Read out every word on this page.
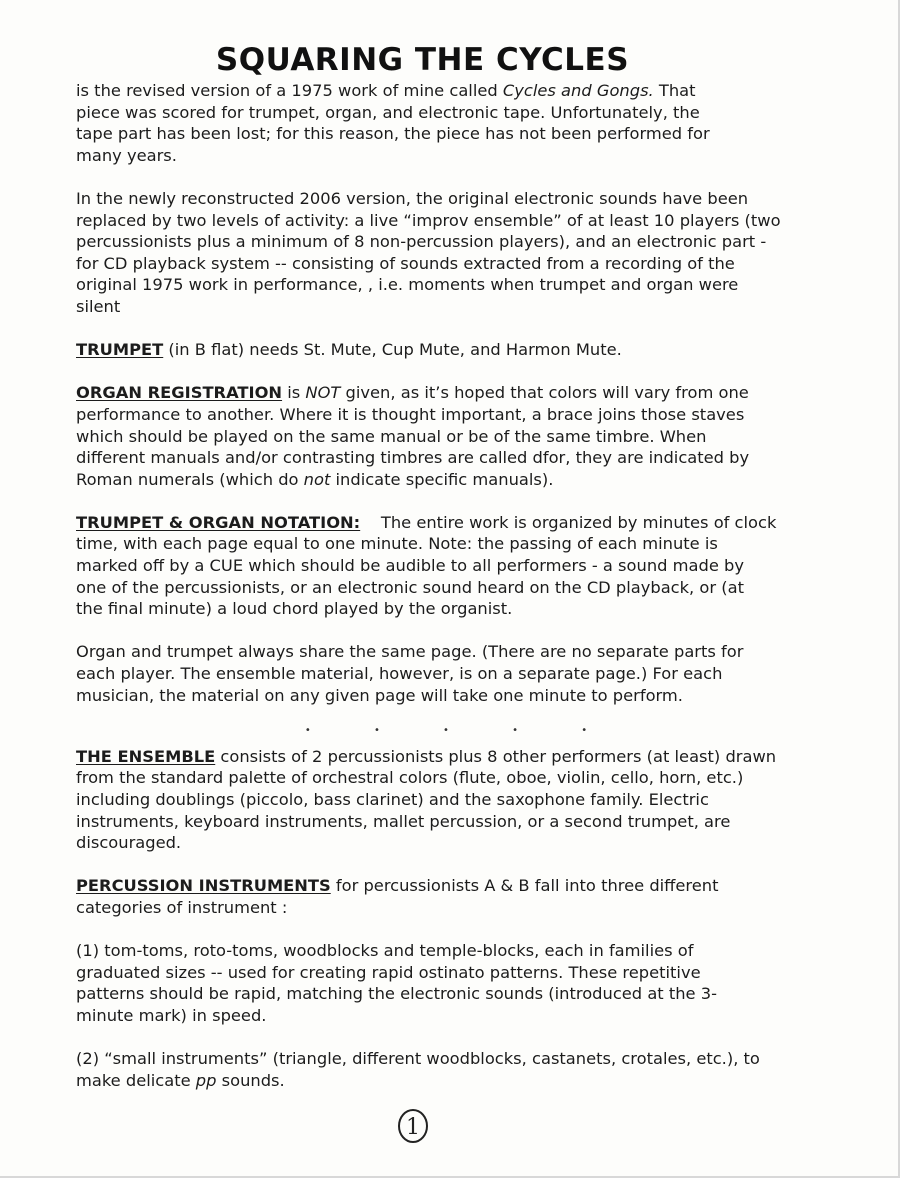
SQUARING THE CYCLES

is the revised version of a 1975 work of mine called Cycles and Gongs. That
piece was scored for trumpet, organ, and electronic tape. Unfortunately, the
tape part has been lost; for this reason, the piece has not been performed for
many years.

In the newly reconstructed 2006 version, the original electronic sounds have been
replaced by two levels of activity: a live “improv ensemble” of at least 10 players (two
percussionists plus a minimum of 8 non-percussion players), and an electronic part -
for CD playback system -- consisting of sounds extracted from a recording of the
original 1975 work in performance, , i.e. moments when trumpet and organ were
silent

TRUMPET (in B flat) needs St. Mute, Cup Mute, and Harmon Mute.

ORGAN REGISTRATION is NOT given, as it’s hoped that colors will vary from one
performance to another. Where it is thought important, a brace joins those staves
which should be played on the same manual or be of the same timbre. When
different manuals and/or contrasting timbres are called dfor, they are indicated by
Roman numerals (which do not indicate specific manuals).

TRUMPET & ORGAN NOTATION:    The entire work is organized by minutes of clock
time, with each page equal to one minute. Note: the passing of each minute is
marked off by a CUE which should be audible to all performers - a sound made by
one of the percussionists, or an electronic sound heard on the CD playback, or (at
the final minute) a loud chord played by the organist.

Organ and trumpet always share the same page. (There are no separate parts for
each player. The ensemble material, however, is on a separate page.) For each
musician, the material on any given page will take one minute to perform.

• • • • •

THE ENSEMBLE consists of 2 percussionists plus 8 other performers (at least) drawn
from the standard palette of orchestral colors (flute, oboe, violin, cello, horn, etc.)
including doublings (piccolo, bass clarinet) and the saxophone family. Electric
instruments, keyboard instruments, mallet percussion, or a second trumpet, are
discouraged.

PERCUSSION INSTRUMENTS for percussionists A & B fall into three different
categories of instrument :

(1) tom-toms, roto-toms, woodblocks and temple-blocks, each in families of
graduated sizes -- used for creating rapid ostinato patterns. These repetitive
patterns should be rapid, matching the electronic sounds (introduced at the 3-
minute mark) in speed.

(2) “small instruments” (triangle, different woodblocks, castanets, crotales, etc.), to
make delicate pp sounds.

1
